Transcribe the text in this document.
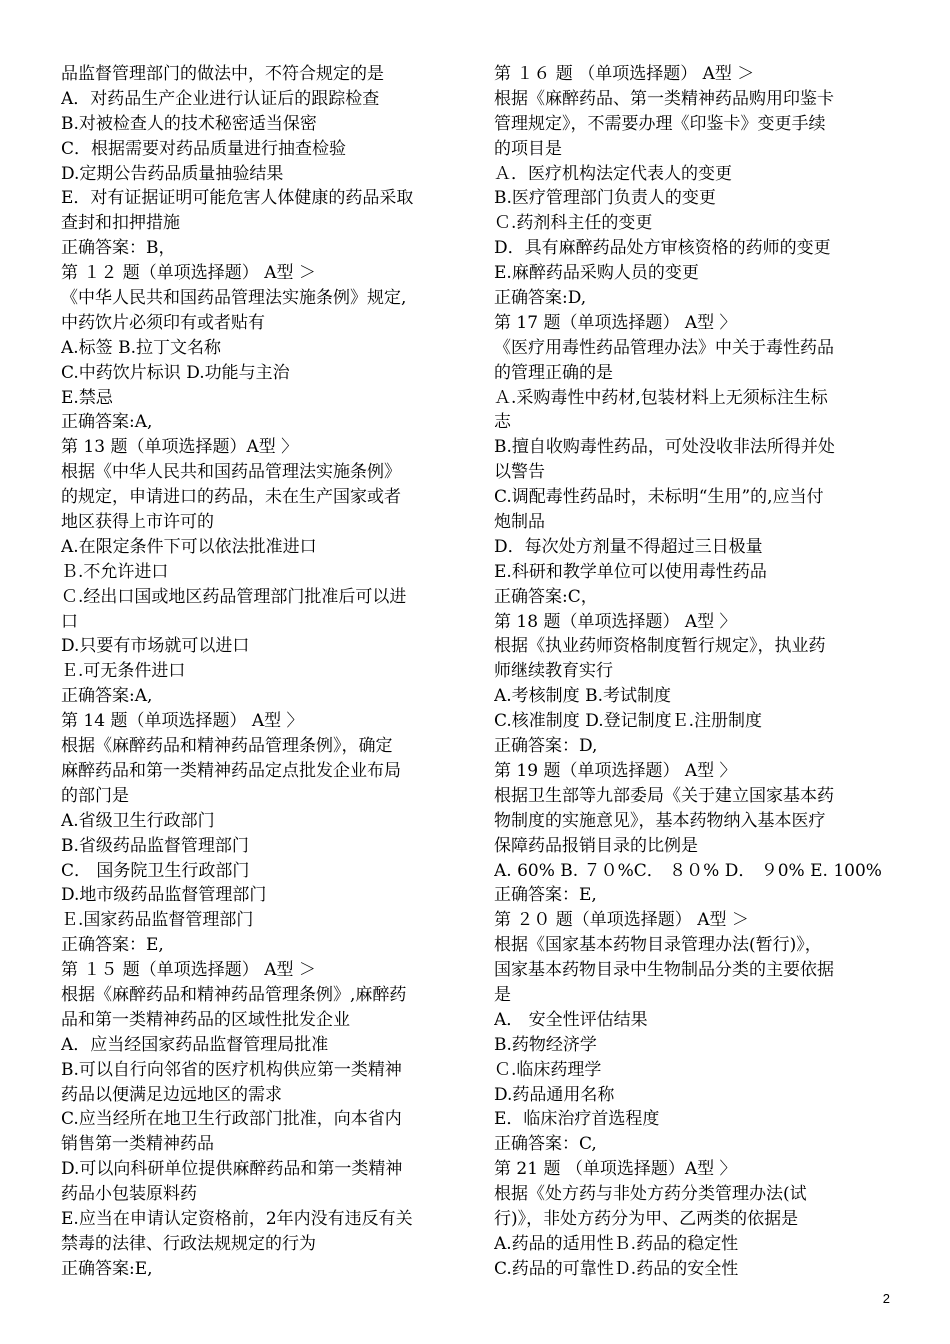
品监督管理部门的做法中，不符合规定的是
A．对药品生产企业进行认证后的跟踪检查
B.对被检查人的技术秘密适当保密
C．根据需要对药品质量进行抽查检验
D.定期公告药品质量抽验结果
E．对有证据证明可能危害人体健康的药品采取
查封和扣押措施
正确答案：B，
第 １２ 题（单项选择题） A型 ＞
《中华人民共和国药品管理法实施条例》规定,
中药饮片必须印有或者贴有
A.标签 B.拉丁文名称
C.中药饮片标识 D.功能与主治
E.禁忌
正确答案:A,
第 13 题（单项选择题）A型 〉
根据《中华人民共和国药品管理法实施条例》
的规定，申请进口的药品，未在生产国家或者
地区获得上市许可的
A.在限定条件下可以依法批准进口
Ｂ.不允许进口
Ｃ.经出口国或地区药品管理部门批准后可以进
口
D.只要有市场就可以进口
Ｅ.可无条件进口
正确答案:A,
第 14 题（单项选择题） A型 〉
根据《麻醉药品和精神药品管理条例》，确定
麻醉药品和第一类精神药品定点批发企业布局
的部门是
A.省级卫生行政部门
B.省级药品监督管理部门
C． 国务院卫生行政部门
D.地市级药品监督管理部门
Ｅ.国家药品监督管理部门
正确答案：E,
第 １５ 题（单项选择题） A型 ＞
根据《麻醉药品和精神药品管理条例》,麻醉药
品和第一类精神药品的区域性批发企业
A．应当经国家药品监督管理局批准
B.可以自行向邻省的医疗机构供应第一类精神
药品以便满足边远地区的需求
C.应当经所在地卫生行政部门批准，向本省内
销售第一类精神药品
D.可以向科研单位提供麻醉药品和第一类精神
药品小包装原料药
E.应当在申请认定资格前，2年内没有违反有关
禁毒的法律、行政法规规定的行为
正确答案:E,
第 １６ 题 （单项选择题） A型 ＞
根据《麻醉药品、第一类精神药品购用印鉴卡
管理规定》，不需要办理《印鉴卡》变更手续
的项目是
Ａ．医疗机构法定代表人的变更
B.医疗管理部门负责人的变更
Ｃ.药剂科主任的变更
D．具有麻醉药品处方审核资格的药师的变更
E.麻醉药品采购人员的变更
正确答案:D,
第 17 题（单项选择题） A型 〉
《医疗用毒性药品管理办法》中关于毒性药品
的管理正确的是
Ａ.采购毒性中药材,包装材料上无须标注生标
志
B.擅自收购毒性药品，可处没收非法所得并处
以警告
C.调配毒性药品时，未标明“生用”的,应当付
炮制品
D．每次处方剂量不得超过三日极量
E.科研和教学单位可以使用毒性药品
正确答案:C，
第 18 题（单项选择题） A型 〉
根据《执业药师资格制度暂行规定》，执业药
师继续教育实行
A.考核制度 B.考试制度
C.核准制度 D.登记制度Ｅ.注册制度
正确答案：D,
第 19 题（单项选择题） A型 〉
根据卫生部等九部委局《关于建立国家基本药
物制度的实施意见》，基本药物纳入基本医疗
保障药品报销目录的比例是
A. 60% B. ７０%C． ８０% D． ９0% E. 100%
正确答案：E,
第 ２０ 题（单项选择题） A型 ＞
根据《国家基本药物目录管理办法(暂行)》，
国家基本药物目录中生物制品分类的主要依据
是
A． 安全性评估结果
B.药物经济学
Ｃ.临床药理学
D.药品通用名称
E．临床治疗首选程度
正确答案：C,
第 21 题 （单项选择题）A型 〉
根据《处方药与非处方药分类管理办法(试
行)》，非处方药分为甲、乙两类的依据是
A.药品的适用性Ｂ.药品的稳定性
C.药品的可靠性Ｄ.药品的安全性
2
